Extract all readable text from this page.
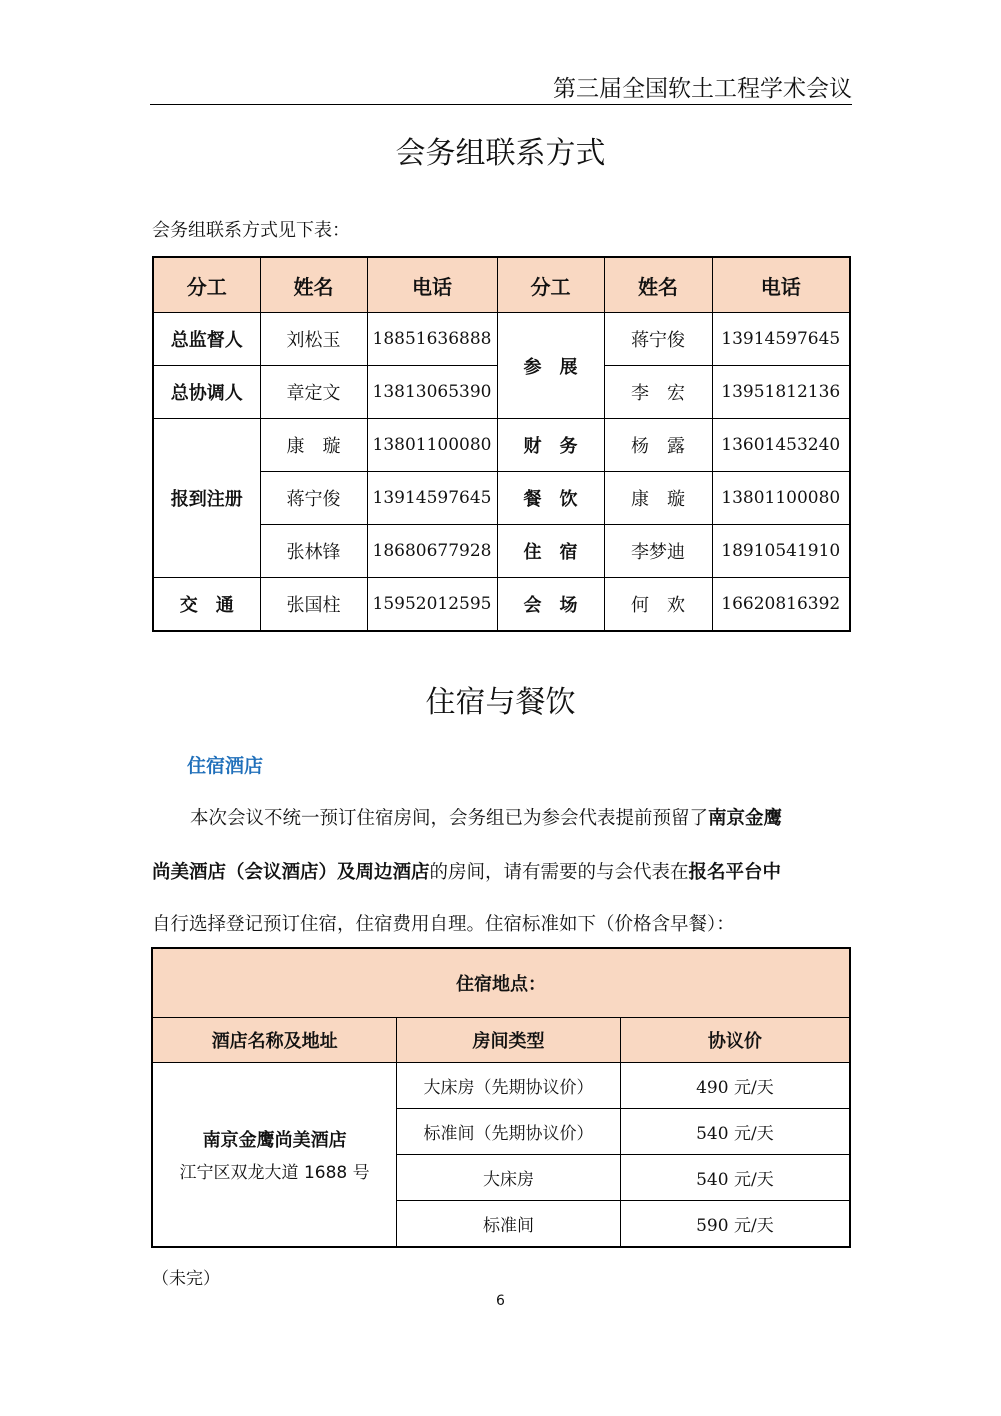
第三届全国软土工程学术会议
会务组联系方式
会务组联系方式见下表：
分工	姓名	电话	分工	姓名	电话
总监督人	刘松玉	18851636888	参　展	蒋宁俊	13914597645
总协调人	章定文	13813065390		李　宏	13951812136
报到注册	康　璇	13801100080	财　务	杨　露	13601453240
	蒋宁俊	13914597645	餐　饮	康　璇	13801100080
	张林锋	18680677928	住　宿	李梦迪	18910541910
交　通	张国柱	15952012595	会　场	何　欢	16620816392
住宿与餐饮
住宿酒店
本次会议不统一预订住宿房间，会务组已为参会代表提前预留了南京金鹰
尚美酒店（会议酒店）及周边酒店的房间，请有需要的与会代表在报名平台中
自行选择登记预订住宿，住宿费用自理。住宿标准如下（价格含早餐）：
住宿地点：		
酒店名称及地址	房间类型	协议价

南京金鹰尚美酒店
江宁区双龙大道 1688 号	大床房（先期协议价）	490 元/天
	标准间（先期协议价）	540 元/天
	大床房	540 元/天
	标准间	590 元/天
（未完）
6
